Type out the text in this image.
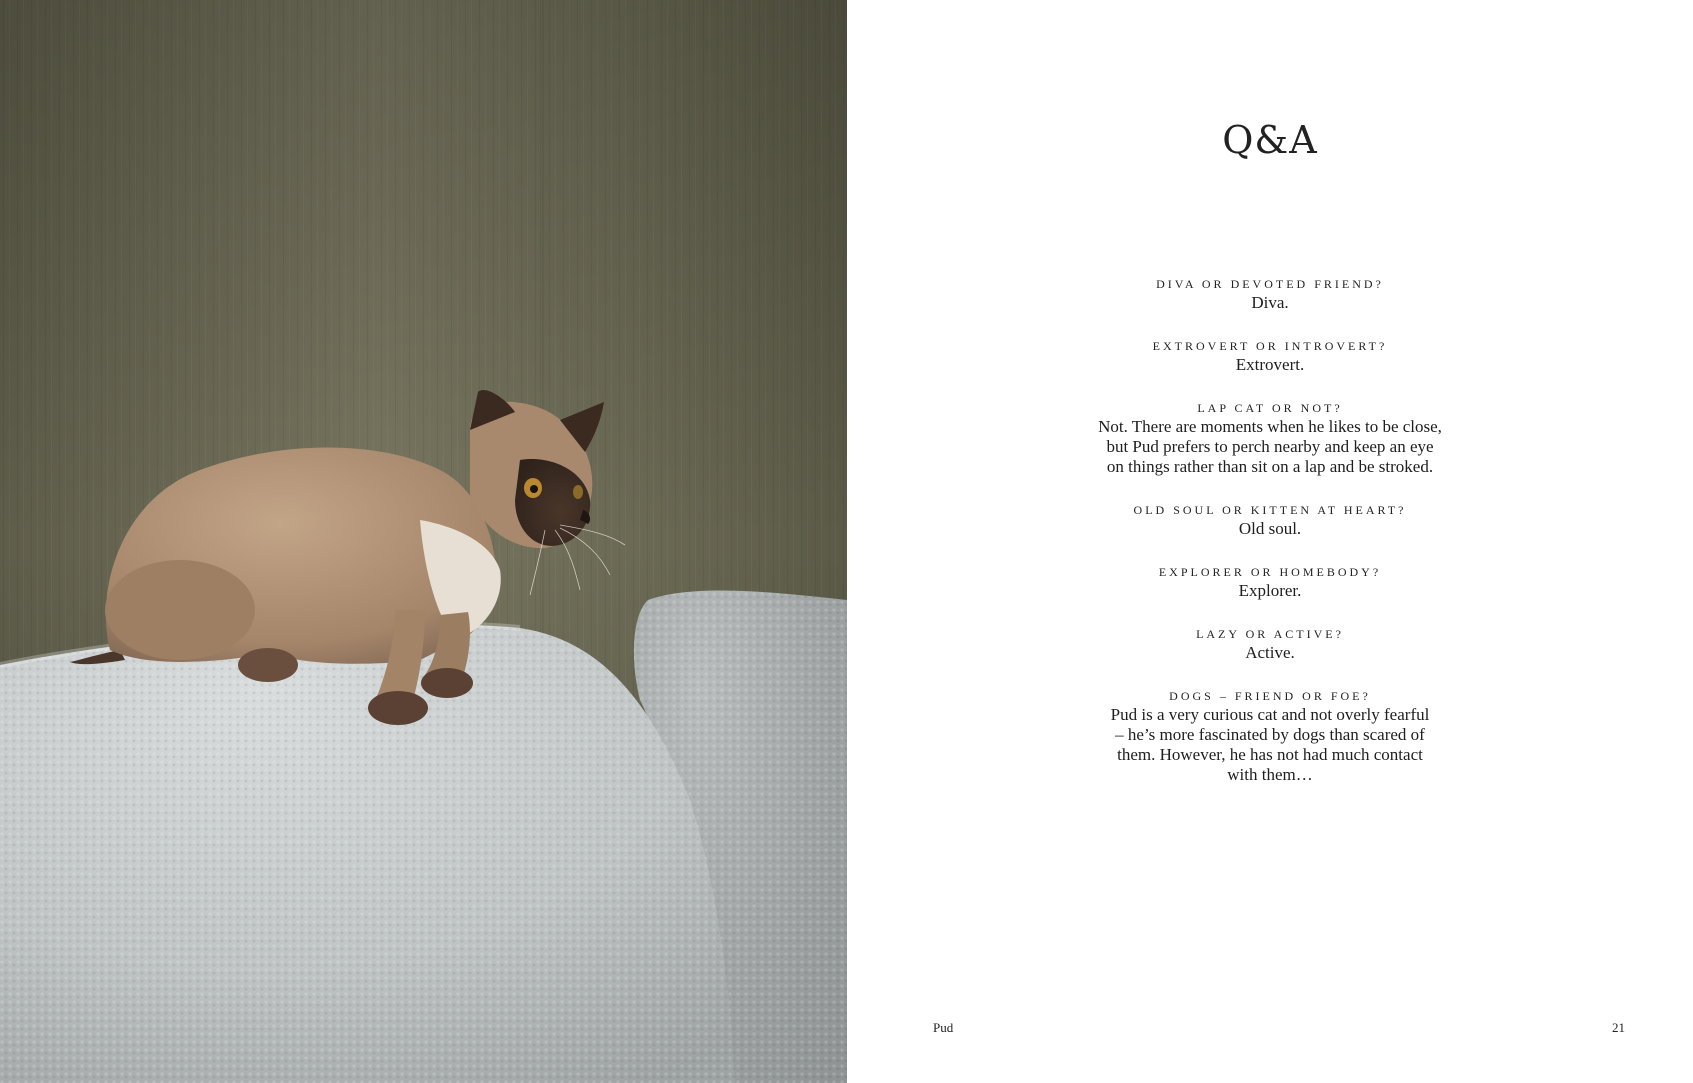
Q&A
DIVA OR DEVOTED FRIEND?
Diva.
EXTROVERT OR INTROVERT?
Extrovert.
LAP CAT OR NOT?
Not. There are moments when he likes to be close,
but Pud prefers to perch nearby and keep an eye
on things rather than sit on a lap and be stroked.
OLD SOUL OR KITTEN AT HEART?
Old soul.
EXPLORER OR HOMEBODY?
Explorer.
LAZY OR ACTIVE?
Active.
DOGS – FRIEND OR FOE?
Pud is a very curious cat and not overly fearful
– he’s more fascinated by dogs than scared of
them. However, he has not had much contact
with them…
Pud	21
